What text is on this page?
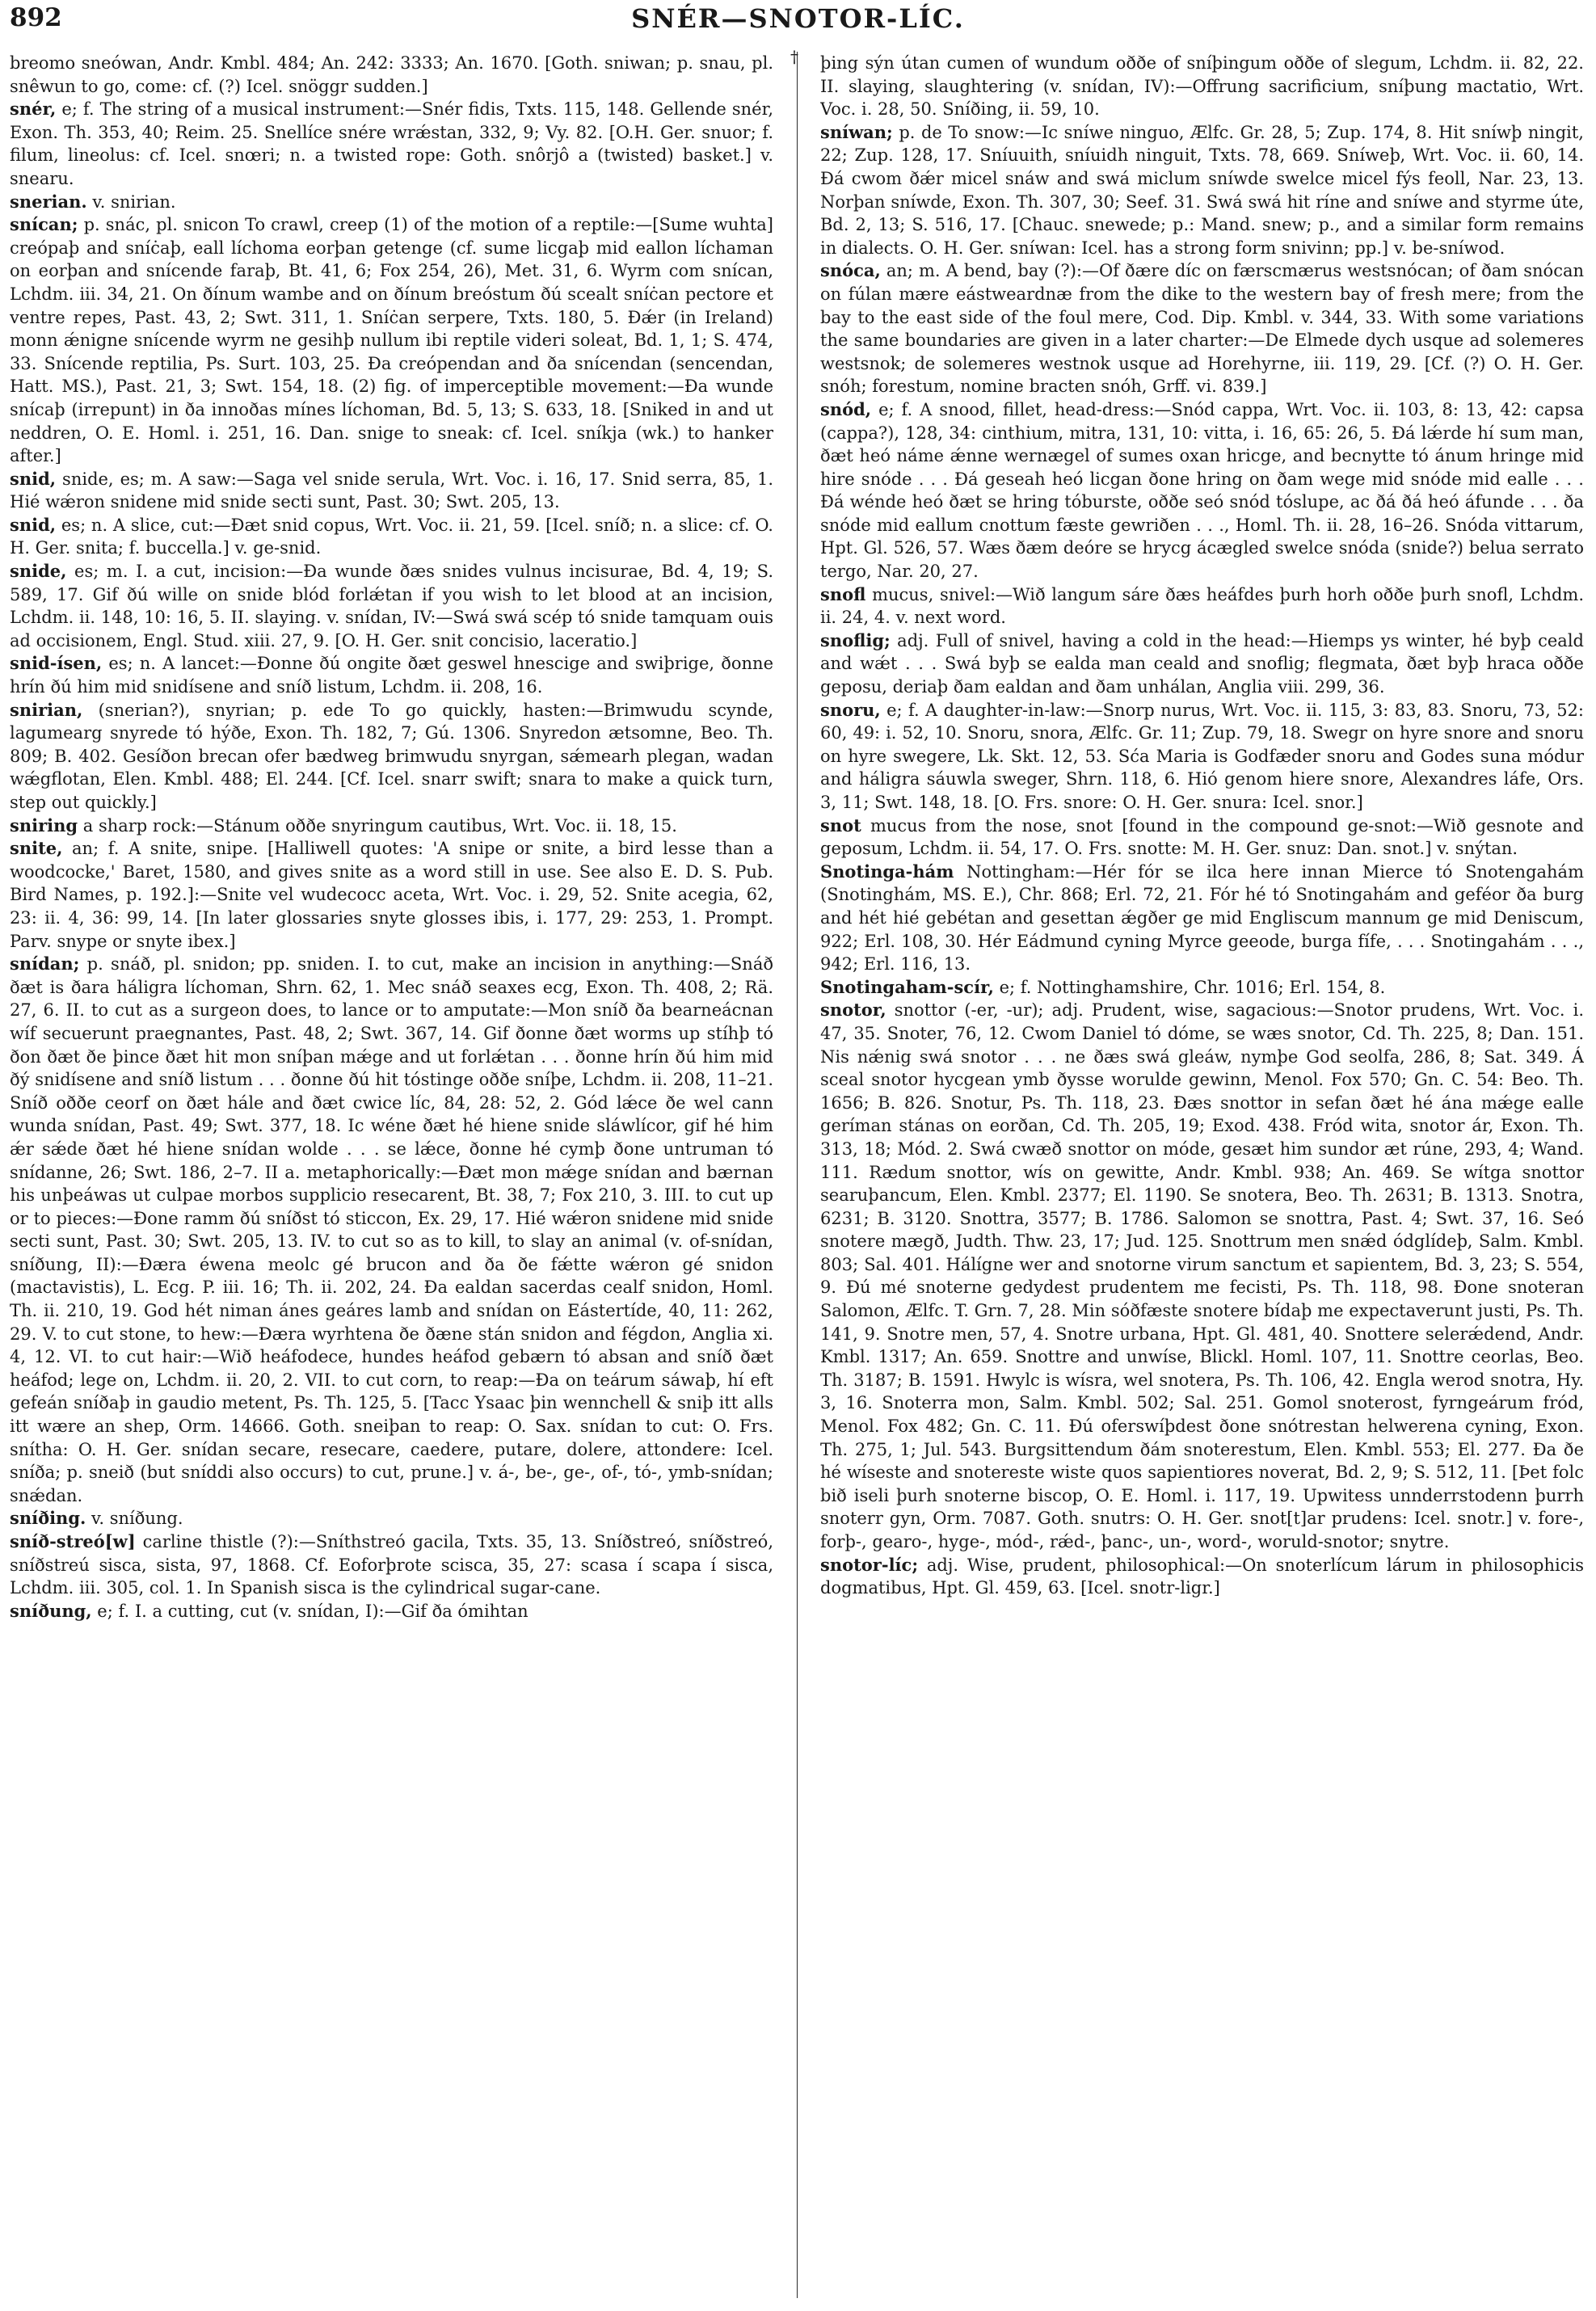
892	SNÉR—SNOTOR-LÍC.

breomo sneówan, Andr. Kmbl. 484; An. 242: 3333; An. 1670. [Goth. sniwan; p. snau, pl. snêwun to go, come: cf. (?) Icel. snöggr sudden.]

snér, e; f. The string of a musical instrument:—Snér fidis, Txts. 115, 148. Gellende snér, Exon. Th. 353, 40; Reim. 25. Snellíce snére wrǽstan, 332, 9; Vy. 82. [O.H. Ger. snuor; f. filum, lineolus: cf. Icel. snœri; n. a twisted rope: Goth. snôrjô a (twisted) basket.] v. snearu.

snerian. v. snirian.

snícan; p. snác, pl. snicon To crawl, creep (1) of the motion of a reptile:—[Sume wuhta] creópaþ and sníċaþ, eall líchoma eorþan getenge (cf. sume licgaþ mid eallon líchaman on eorþan and snícende faraþ, Bt. 41, 6; Fox 254, 26), Met. 31, 6. Wyrm com snícan, Lchdm. iii. 34, 21. On ðínum wambe and on ðínum breóstum ðú scealt sníċan pectore et ventre repes, Past. 43, 2; Swt. 311, 1. Sníċan serpere, Txts. 180, 5. Ðǽr (in Ireland) monn ǽnigne snícende wyrm ne gesihþ nullum ibi reptile videri soleat, Bd. 1, 1; S. 474, 33. Snícende reptilia, Ps. Surt. 103, 25. Ða creópendan and ða snícendan (sencendan, Hatt. MS.), Past. 21, 3; Swt. 154, 18. (2) fig. of imperceptible movement:—Ða wunde snícaþ (irrepunt) in ða innoðas mínes líchoman, Bd. 5, 13; S. 633, 18. [Sniked in and ut neddren, O. E. Homl. i. 251, 16. Dan. snige to sneak: cf. Icel. sníkja (wk.) to hanker after.]

snid, snide, es; m. A saw:—Saga vel snide serula, Wrt. Voc. i. 16, 17. Snid serra, 85, 1. Hié wǽron snidene mid snide secti sunt, Past. 30; Swt. 205, 13.

snid, es; n. A slice, cut:—Ðæt snid copus, Wrt. Voc. ii. 21, 59. [Icel. sníð; n. a slice: cf. O. H. Ger. snita; f. buccella.] v. ge-snid.

snide, es; m. I. a cut, incision:—Ða wunde ðæs snides vulnus incisurae, Bd. 4, 19; S. 589, 17. Gif ðú wille on snide blód forlǽtan if you wish to let blood at an incision, Lchdm. ii. 148, 10: 16, 5. II. slaying. v. snídan, IV:—Swá swá scép tó snide tamquam ouis ad occisionem, Engl. Stud. xiii. 27, 9. [O. H. Ger. snit concisio, laceratio.]

snid-ísen, es; n. A lancet:—Ðonne ðú ongite ðæt geswel hnescige and swiþrige, ðonne hrín ðú him mid snidísene and sníð listum, Lchdm. ii. 208, 16.

snirian, (snerian?), snyrian; p. ede To go quickly, hasten:—Brimwudu scynde, lagumearg snyrede tó hýðe, Exon. Th. 182, 7; Gú. 1306. Snyredon ætsomne, Beo. Th. 809; B. 402. Gesíðon brecan ofer bædweg brimwudu snyrgan, sǽmearh plegan, wadan wǽgflotan, Elen. Kmbl. 488; El. 244. [Cf. Icel. snarr swift; snara to make a quick turn, step out quickly.]

sniring a sharp rock:—Stánum oððe snyringum cautibus, Wrt. Voc. ii. 18, 15.

snite, an; f. A snite, snipe. [Halliwell quotes: 'A snipe or snite, a bird lesse than a woodcocke,' Baret, 1580, and gives snite as a word still in use. See also E. D. S. Pub. Bird Names, p. 192.]:—Snite vel wudecocc aceta, Wrt. Voc. i. 29, 52. Snite acegia, 62, 23: ii. 4, 36: 99, 14. [In later glossaries snyte glosses ibis, i. 177, 29: 253, 1. Prompt. Parv. snype or snyte ibex.]

snídan; p. snáð, pl. snidon; pp. sniden. I. to cut, make an incision in anything:—Snáð ðæt is ðara háligra líchoman, Shrn. 62, 1. Mec snáð seaxes ecg, Exon. Th. 408, 2; Rä. 27, 6. II. to cut as a surgeon does, to lance or to amputate:—Mon sníð ða bearneácnan wíf secuerunt praegnantes, Past. 48, 2; Swt. 367, 14. Gif ðonne ðæt worms up stíhþ tó ðon ðæt ðe þince ðæt hit mon sníþan mǽge and ut forlǽtan . . . ðonne hrín ðú him mid ðý snidísene and sníð listum . . . ðonne ðú hit tóstinge oððe sníþe, Lchdm. ii. 208, 11–21. Sníð oððe ceorf on ðæt hále and ðæt cwice líc, 84, 28: 52, 2. Gód lǽce ðe wel cann wunda snídan, Past. 49; Swt. 377, 18. Ic wéne ðæt hé hiene snide sláwlícor, gif hé him ǽr sǽde ðæt hé hiene snídan wolde . . . se lǽce, ðonne hé cymþ ðone untruman tó snídanne, 26; Swt. 186, 2–7. II a. metaphorically:—Ðæt mon mǽge snídan and bærnan his unþeáwas ut culpae morbos supplicio resecarent, Bt. 38, 7; Fox 210, 3. III. to cut up or to pieces:—Ðone ramm ðú sníðst tó sticcon, Ex. 29, 17. Hié wǽron snidene mid snide secti sunt, Past. 30; Swt. 205, 13. IV. to cut so as to kill, to slay an animal (v. of-snídan, sníðung, II):—Ðæra éwena meolc gé brucon and ða ðe fǽtte wǽron gé snidon (mactavistis), L. Ecg. P. iii. 16; Th. ii. 202, 24. Ða ealdan sacerdas cealf snidon, Homl. Th. ii. 210, 19. God hét niman ánes geáres lamb and snídan on Eástertíde, 40, 11: 262, 29. V. to cut stone, to hew:—Ðæra wyrhtena ðe ðæne stán snidon and fégdon, Anglia xi. 4, 12. VI. to cut hair:—Wið heáfodece, hundes heáfod gebærn tó absan and sníð ðæt heáfod; lege on, Lchdm. ii. 20, 2. VII. to cut corn, to reap:—Ða on teárum sáwaþ, hí eft gefeán sníðaþ in gaudio metent, Ps. Th. 125, 5. [Tacc Ysaac þin wennchell & sniþ itt alls itt wære an shep, Orm. 14666. Goth. sneiþan to reap: O. Sax. snídan to cut: O. Frs. snítha: O. H. Ger. snídan secare, resecare, caedere, putare, dolere, attondere: Icel. sníða; p. sneið (but sníddi also occurs) to cut, prune.] v. á-, be-, ge-, of-, tó-, ymb-snídan; snǽdan.

sníðing. v. sníðung.

sníð-streó[w] carline thistle (?):—Sníthstreó gacila, Txts. 35, 13. Sníðstreó, sníðstreó, sníðstreú sisca, sista, 97, 1868. Cf. Eoforþrote scisca, 35, 27: scasa í scapa í sisca, Lchdm. iii. 305, col. 1. In Spanish sisca is the cylindrical sugar-cane.

sníðung, e; f. I. a cutting, cut (v. snídan, I):—Gif ða ómihtan

† þing sýn útan cumen of wundum oððe of sníþingum oððe of slegum, Lchdm. ii. 82, 22. II. slaying, slaughtering (v. snídan, IV):—Offrung sacrificium, sníþung mactatio, Wrt. Voc. i. 28, 50. Sníðing, ii. 59, 10.

sníwan; p. de To snow:—Ic sníwe ninguo, Ælfc. Gr. 28, 5; Zup. 174, 8. Hit sníwþ ningit, 22; Zup. 128, 17. Sníuuith, sníuidh ninguit, Txts. 78, 669. Sníweþ, Wrt. Voc. ii. 60, 14. Ðá cwom ðǽr micel snáw and swá miclum sníwde swelce micel fýs feoll, Nar. 23, 13. Norþan sníwde, Exon. Th. 307, 30; Seef. 31. Swá swá hit ríne and sníwe and styrme úte, Bd. 2, 13; S. 516, 17. [Chauc. snewede; p.: Mand. snew; p., and a similar form remains in dialects. O. H. Ger. sníwan: Icel. has a strong form snivinn; pp.] v. be-sníwod.

snóca, an; m. A bend, bay (?):—Of ðære díc on færscmærus westsnócan; of ðam snócan on fúlan mære eástweardnæ from the dike to the western bay of fresh mere; from the bay to the east side of the foul mere, Cod. Dip. Kmbl. v. 344, 33. With some variations the same boundaries are given in a later charter:—De Elmede dych usque ad solemeres westsnok; de solemeres westnok usque ad Horehyrne, iii. 119, 29. [Cf. (?) O. H. Ger. snóh; forestum, nomine bracten snóh, Grff. vi. 839.]

snód, e; f. A snood, fillet, head-dress:—Snód cappa, Wrt. Voc. ii. 103, 8: 13, 42: capsa (cappa?), 128, 34: cinthium, mitra, 131, 10: vitta, i. 16, 65: 26, 5. Ðá lǽrde hí sum man, ðæt heó náme ǽnne wernægel of sumes oxan hricge, and becnytte tó ánum hringe mid hire snóde . . . Ðá geseah heó licgan ðone hring on ðam wege mid snóde mid ealle . . . Ðá wénde heó ðæt se hring tóburste, oððe seó snód tóslupe, ac ðá ðá heó áfunde . . . ða snóde mid eallum cnottum fæste gewriðen . . ., Homl. Th. ii. 28, 16–26. Snóda vittarum, Hpt. Gl. 526, 57. Wæs ðæm deóre se hrycg ácægled swelce snóda (snide?) belua serrato tergo, Nar. 20, 27.

snofl mucus, snivel:—Wið langum sáre ðæs heáfdes þurh horh oððe þurh snofl, Lchdm. ii. 24, 4. v. next word.

snoflig; adj. Full of snivel, having a cold in the head:—Hiemps ys winter, hé byþ ceald and wǽt . . . Swá byþ se ealda man ceald and snoflig; flegmata, ðæt byþ hraca oððe geposu, deriaþ ðam ealdan and ðam unhálan, Anglia viii. 299, 36.

snoru, e; f. A daughter-in-law:—Snorp nurus, Wrt. Voc. ii. 115, 3: 83, 83. Snoru, 73, 52: 60, 49: i. 52, 10. Snoru, snora, Ælfc. Gr. 11; Zup. 79, 18. Swegr on hyre snore and snoru on hyre swegere, Lk. Skt. 12, 53. Sća Maria is Godfæder snoru and Godes suna módur and háligra sáuwla sweger, Shrn. 118, 6. Hió genom hiere snore, Alexandres láfe, Ors. 3, 11; Swt. 148, 18. [O. Frs. snore: O. H. Ger. snura: Icel. snor.]

snot mucus from the nose, snot [found in the compound ge-snot:—Wið gesnote and geposum, Lchdm. ii. 54, 17. O. Frs. snotte: M. H. Ger. snuz: Dan. snot.] v. snýtan.

Snotinga-hám Nottingham:—Hér fór se ilca here innan Mierce tó Snotengahám (Snotinghám, MS. E.), Chr. 868; Erl. 72, 21. Fór hé tó Snotingahám and geféor ða burg and hét hié gebétan and gesettan ǽgðer ge mid Engliscum mannum ge mid Deniscum, 922; Erl. 108, 30. Hér Eádmund cyning Myrce geeode, burga fífe, . . . Snotingahám . . ., 942; Erl. 116, 13.

Snotingaham-scír, e; f. Nottinghamshire, Chr. 1016; Erl. 154, 8.

snotor, snottor (-er, -ur); adj. Prudent, wise, sagacious:—Snotor prudens, Wrt. Voc. i. 47, 35. Snoter, 76, 12. Cwom Daniel tó dóme, se wæs snotor, Cd. Th. 225, 8; Dan. 151. Nis nǽnig swá snotor . . . ne ðæs swá gleáw, nymþe God seolfa, 286, 8; Sat. 349. Á sceal snotor hycgean ymb ðysse worulde gewinn, Menol. Fox 570; Gn. C. 54: Beo. Th. 1656; B. 826. Snotur, Ps. Th. 118, 23. Ðæs snottor in sefan ðæt hé ána mǽge ealle geríman stánas on eorðan, Cd. Th. 205, 19; Exod. 438. Fród wita, snotor ár, Exon. Th. 313, 18; Mód. 2. Swá cwæð snottor on móde, gesæt him sundor æt rúne, 293, 4; Wand. 111. Rædum snottor, wís on gewitte, Andr. Kmbl. 938; An. 469. Se wítga snottor searuþancum, Elen. Kmbl. 2377; El. 1190. Se snotera, Beo. Th. 2631; B. 1313. Snotra, 6231; B. 3120. Snottra, 3577; B. 1786. Salomon se snottra, Past. 4; Swt. 37, 16. Seó snotere mægð, Judth. Thw. 23, 17; Jud. 125. Snottrum men snǽd ódglídeþ, Salm. Kmbl. 803; Sal. 401. Hálígne wer and snotorne virum sanctum et sapientem, Bd. 3, 23; S. 554, 9. Ðú mé snoterne gedydest prudentem me fecisti, Ps. Th. 118, 98. Ðone snoteran Salomon, Ælfc. T. Grn. 7, 28. Min sóðfæste snotere bídaþ me expectaverunt justi, Ps. Th. 141, 9. Snotre men, 57, 4. Snotre urbana, Hpt. Gl. 481, 40. Snottere selerǽdend, Andr. Kmbl. 1317; An. 659. Snottre and unwíse, Blickl. Homl. 107, 11. Snottre ceorlas, Beo. Th. 3187; B. 1591. Hwylc is wísra, wel snotera, Ps. Th. 106, 42. Engla werod snotra, Hy. 3, 16. Snoterra mon, Salm. Kmbl. 502; Sal. 251. Gomol snoterost, fyrngeárum fród, Menol. Fox 482; Gn. C. 11. Ðú oferswíþdest ðone snótrestan helwerena cyning, Exon. Th. 275, 1; Jul. 543. Burgsittendum ðám snoterestum, Elen. Kmbl. 553; El. 277. Ða ðe hé wíseste and snotereste wiste quos sapientiores noverat, Bd. 2, 9; S. 512, 11. [Þet folc bið iseli þurh snoterne biscop, O. E. Homl. i. 117, 19. Upwitess unnderrstodenn þurrh snoterr gyn, Orm. 7087. Goth. snutrs: O. H. Ger. snot[t]ar prudens: Icel. snotr.] v. fore-, forþ-, gearo-, hyge-, mód-, rǽd-, þanc-, un-, word-, woruld-snotor; snytre.

snotor-líc; adj. Wise, prudent, philosophical:—On snoterlícum lárum in philosophicis dogmatibus, Hpt. Gl. 459, 63. [Icel. snotr-ligr.]
